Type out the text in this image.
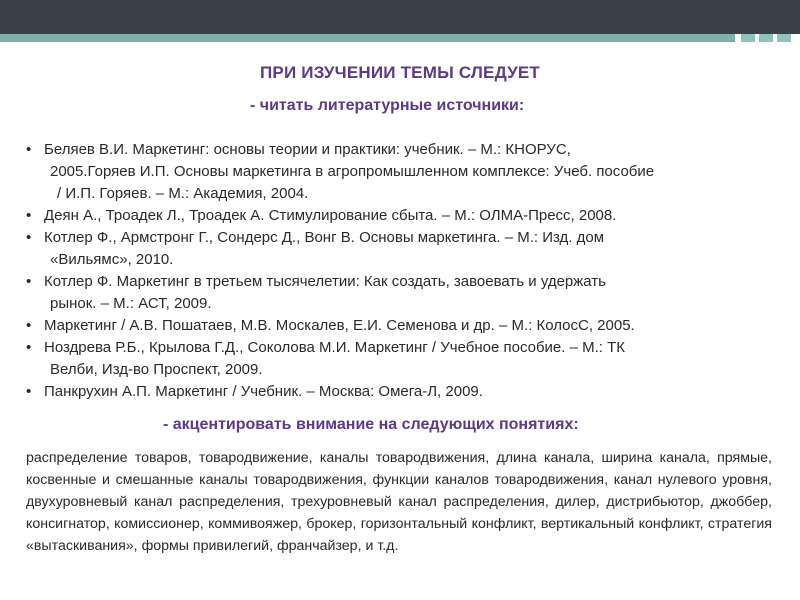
ПРИ ИЗУЧЕНИИ ТЕМЫ СЛЕДУЕТ
- читать литературные источники:
• Беляев В.И. Маркетинг: основы теории и практики: учебник. – М.: КНОРУС,
2005.Горяев И.П. Основы маркетинга в агропромышленном комплексе: Учеб. пособие
/ И.П. Горяев. – М.: Академия, 2004.
• Деян А., Троадек Л., Троадек А. Стимулирование сбыта. – М.: ОЛМА-Пресс, 2008.
• Котлер Ф., Армстронг Г., Сондерс Д., Вонг В. Основы маркетинга. – М.: Изд. дом
«Вильямс», 2010.
• Котлер Ф. Маркетинг в третьем тысячелетии: Как создать, завоевать и удержать
рынок. – М.: АСТ, 2009.
• Маркетинг / А.В. Пошатаев, М.В. Москалев, Е.И. Семенова и др. – М.: КолосС, 2005.
• Ноздрева Р.Б., Крылова Г.Д., Соколова М.И. Маркетинг / Учебное пособие. – М.: ТК
Велби, Изд-во Проспект, 2009.
• Панкрухин А.П. Маркетинг / Учебник. – Москва: Омега-Л, 2009.
- акцентировать внимание на следующих понятиях:
распределение товаров, товародвижение, каналы товародвижения, длина канала, ширина канала, прямые, косвенные и смешанные каналы товародвижения, функции каналов товародвижения, канал нулевого уровня, двухуровневый канал распределения, трехуровневый канал распределения, дилер, дистрибьютор, джоббер, консигнатор, комиссионер, коммивояжер, брокер, горизонтальный конфликт, вертикальный конфликт, стратегия «вытаскивания», формы привилегий, франчайзер, и т.д.
